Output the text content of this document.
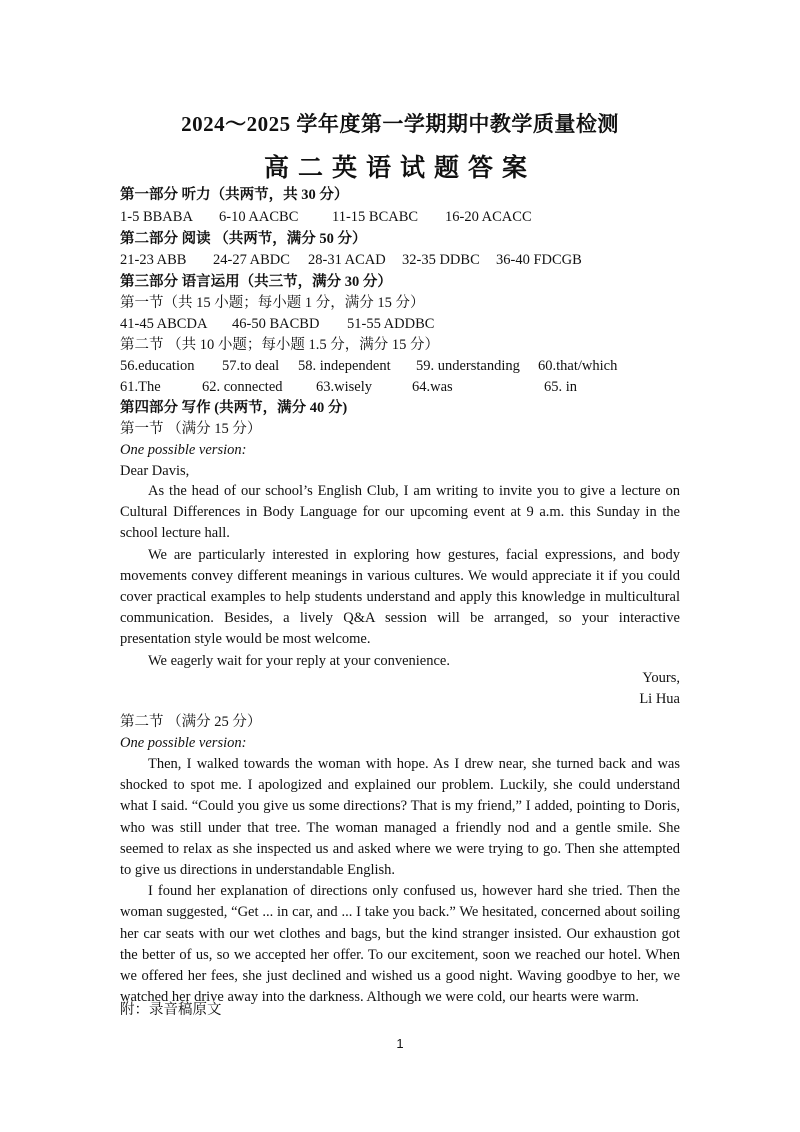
2024～2025 学年度第一学期期中教学质量检测
高二英语试题答案
第一部分 听力（共两节，共 30 分）
1-5 BBABA 6-10 AACBC 11-15 BCABC 16-20 ACACC
第二部分 阅读 （共两节，满分 50 分）
21-23 ABB 24-27 ABDC 28-31 ACAD 32-35 DDBC 36-40 FDCGB
第三部分 语言运用（共三节，满分 30 分）
第一节（共 15 小题；每小题 1 分，满分 15 分）
41-45 ABCDA 46-50 BACBD 51-55 ADDBC
第二节 （共 10 小题；每小题 1.5 分，满分 15 分）
56.education 57.to deal 58. independent 59. understanding 60.that/which
61.The	62. connected 63.wisely	64.was	65. in
第四部分 写作 (共两节，满分 40 分)
第一节 （满分 15 分）
One possible version:
Dear Davis,
As the head of our school’s English Club, I am writing to invite you to give a lecture on Cultural Differences in Body Language for our upcoming event at 9 a.m. this Sunday in the school lecture hall.
We are particularly interested in exploring how gestures, facial expressions, and body movements convey different meanings in various cultures. We would appreciate it if you could cover practical examples to help students understand and apply this knowledge in multicultural communication. Besides, a lively Q&A session will be arranged, so your interactive presentation style would be most welcome.
We eagerly wait for your reply at your convenience.
Yours,
Li Hua
第二节 （满分 25 分）
One possible version:
Then, I walked towards the woman with hope. As I drew near, she turned back and was shocked to spot me. I apologized and explained our problem. Luckily, she could understand what I said. “Could you give us some directions? That is my friend,” I added, pointing to Doris, who was still under that tree. The woman managed a friendly nod and a gentle smile. She seemed to relax as she inspected us and asked where we were trying to go. Then she attempted to give us directions in understandable English.
I found her explanation of directions only confused us, however hard she tried. Then the woman suggested, “Get ... in car, and ... I take you back.” We hesitated, concerned about soiling her car seats with our wet clothes and bags, but the kind stranger insisted. Our exhaustion got the better of us, so we accepted her offer. To our excitement, soon we reached our hotel. When we offered her fees, she just declined and wished us a good night. Waving goodbye to her, we watched her drive away into the darkness. Although we were cold, our hearts were warm.
附：录音稿原文
1
